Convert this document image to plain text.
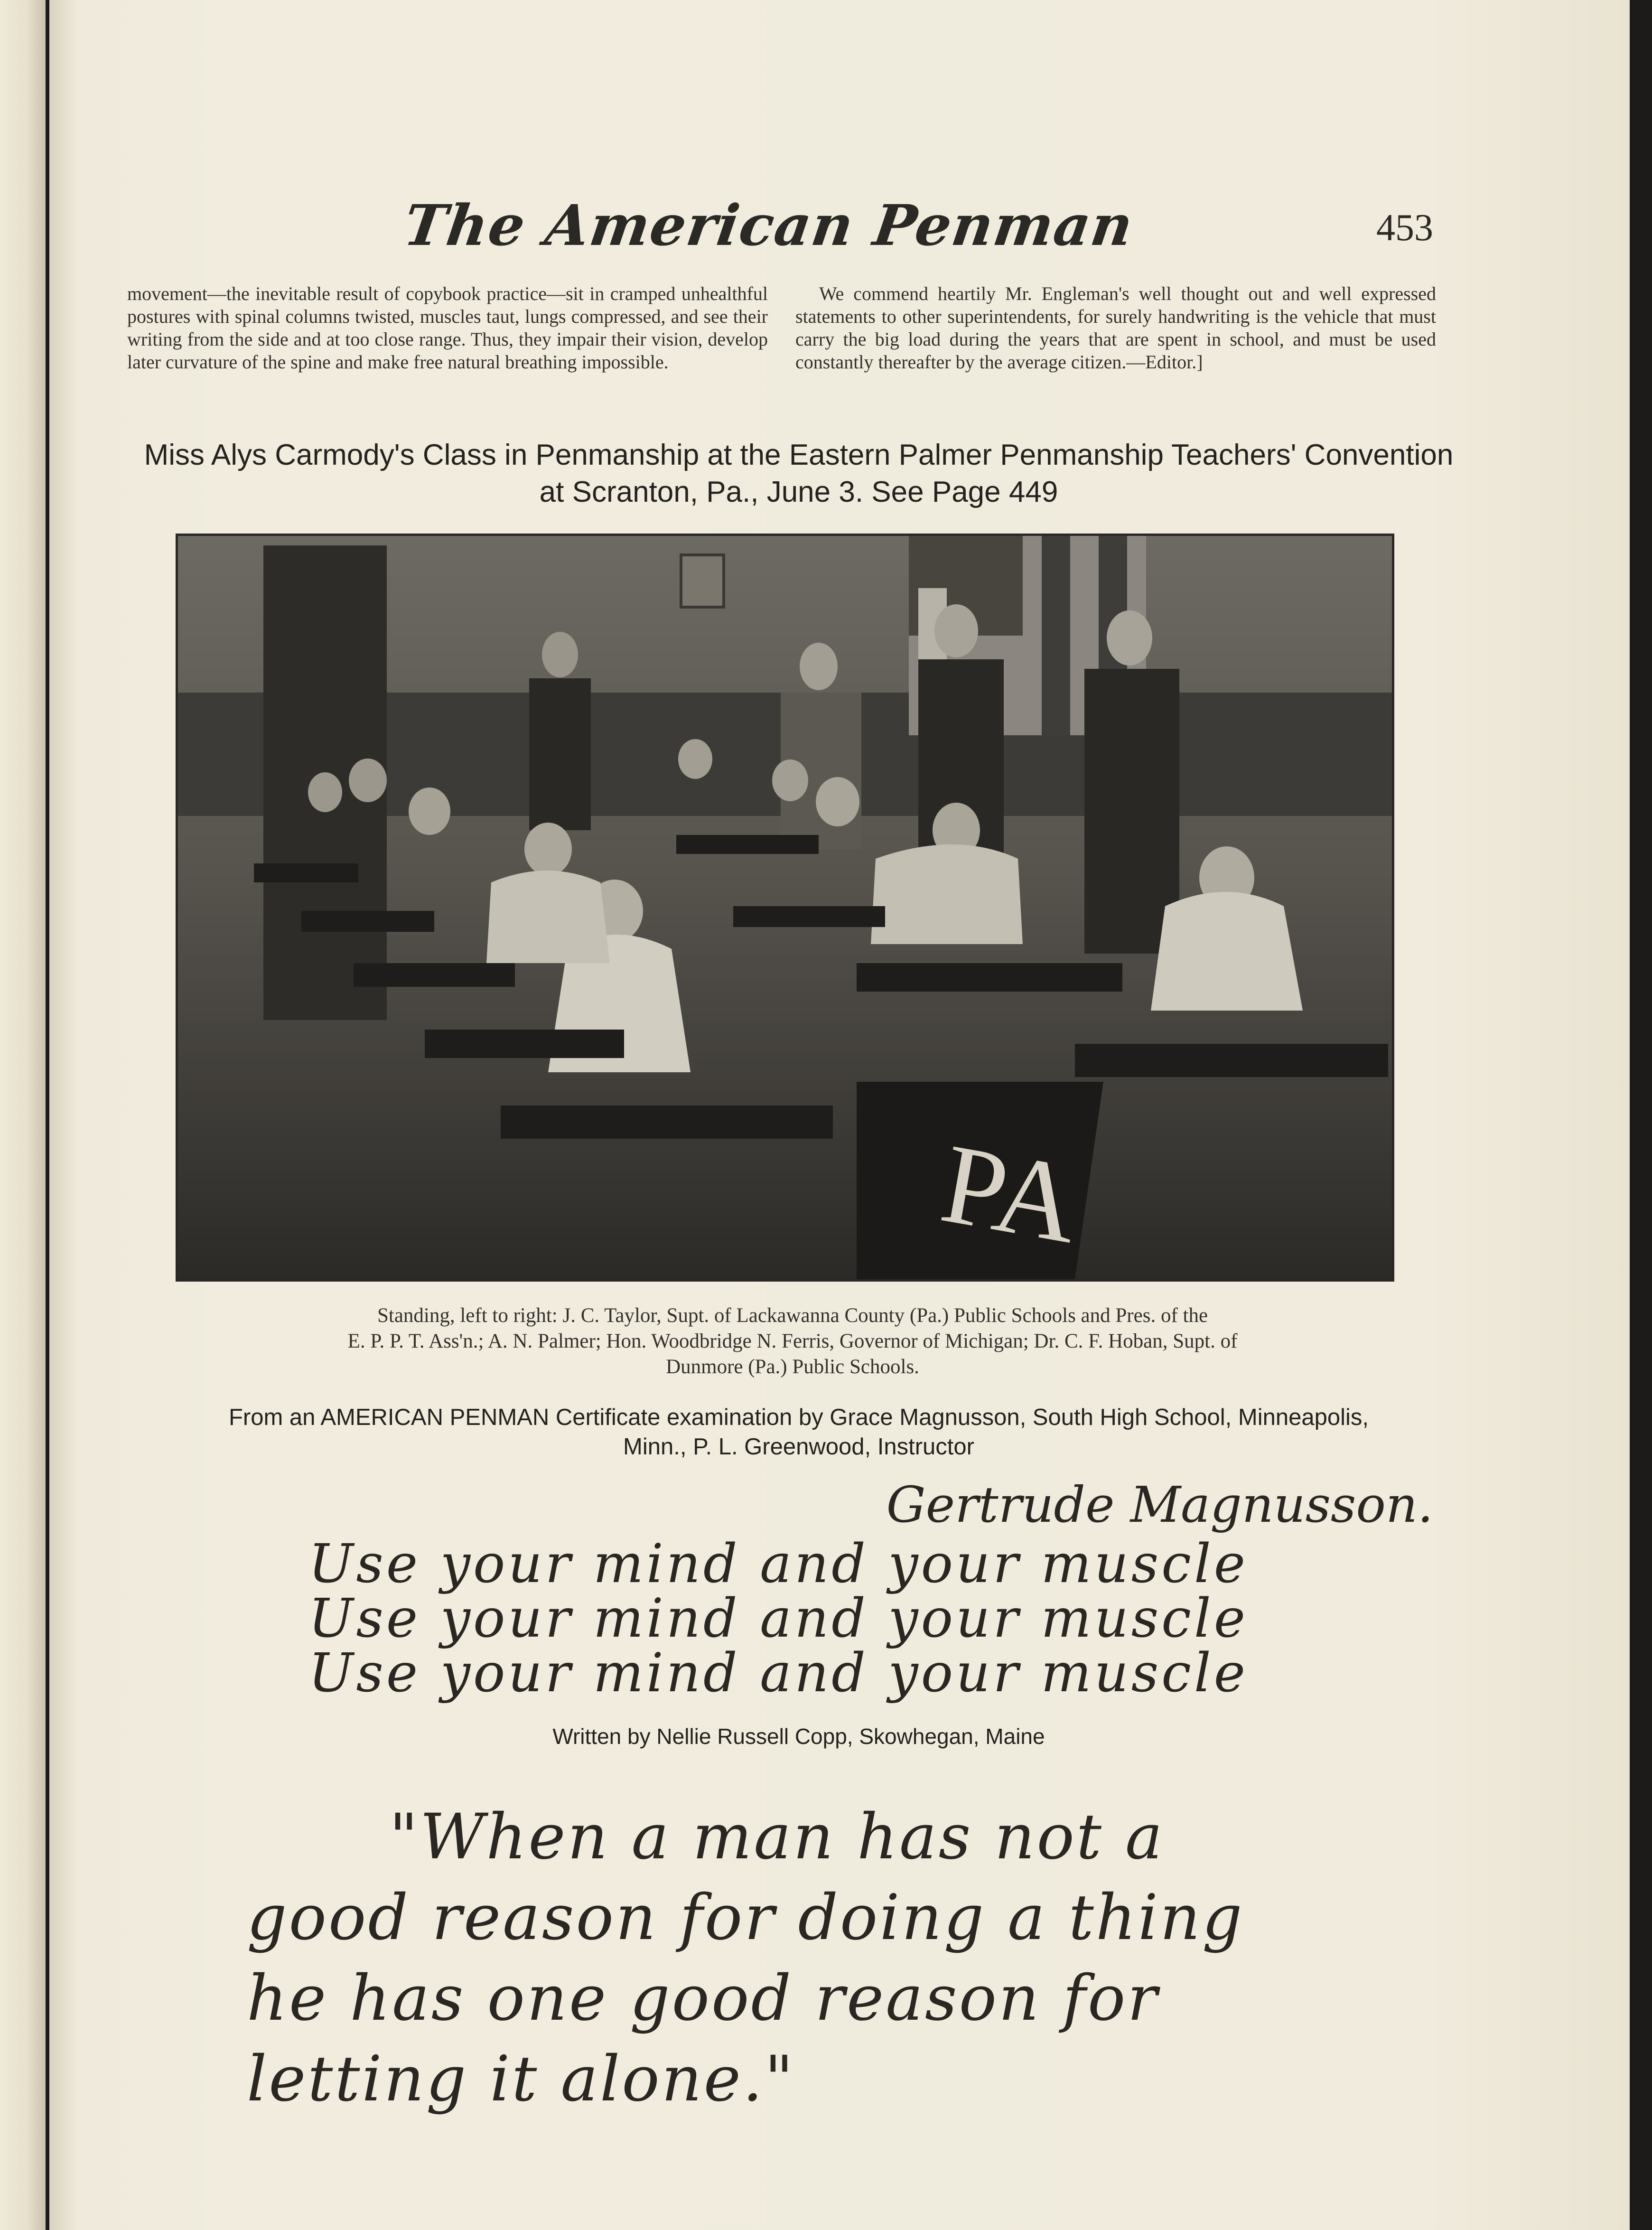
The American Penman	453
movement—the inevitable result of copybook practice—sit in cramped unhealthful postures with spinal columns twisted, muscles taut, lungs compressed, and see their writing from the side and at too close range. Thus, they impair their vision, develop later curvature of the spine and make free natural breathing impossible.
We commend heartily Mr. Engleman's well thought out and well expressed statements to other superintendents, for surely handwriting is the vehicle that must carry the big load during the years that are spent in school, and must be used constantly thereafter by the average citizen.—Editor.]
Miss Alys Carmody's Class in Penmanship at the Eastern Palmer Penmanship Teachers' Convention
at Scranton, Pa., June 3. See Page 449
PA
Standing, left to right: J. C. Taylor, Supt. of Lackawanna County (Pa.) Public Schools and Pres. of the
E. P. P. T. Ass'n.; A. N. Palmer; Hon. Woodbridge N. Ferris, Governor of Michigan; Dr. C. F. Hoban, Supt. of
Dunmore (Pa.) Public Schools.
From an AMERICAN PENMAN Certificate examination by Grace Magnusson, South High School, Minneapolis,
Minn., P. L. Greenwood, Instructor
Gertrude Magnusson.
Use your mind and your muscle
Use your mind and your muscle
Use your mind and your muscle
Written by Nellie Russell Copp, Skowhegan, Maine
"When a man has not a
good reason for doing a thing
he has one good reason for
letting it alone."
